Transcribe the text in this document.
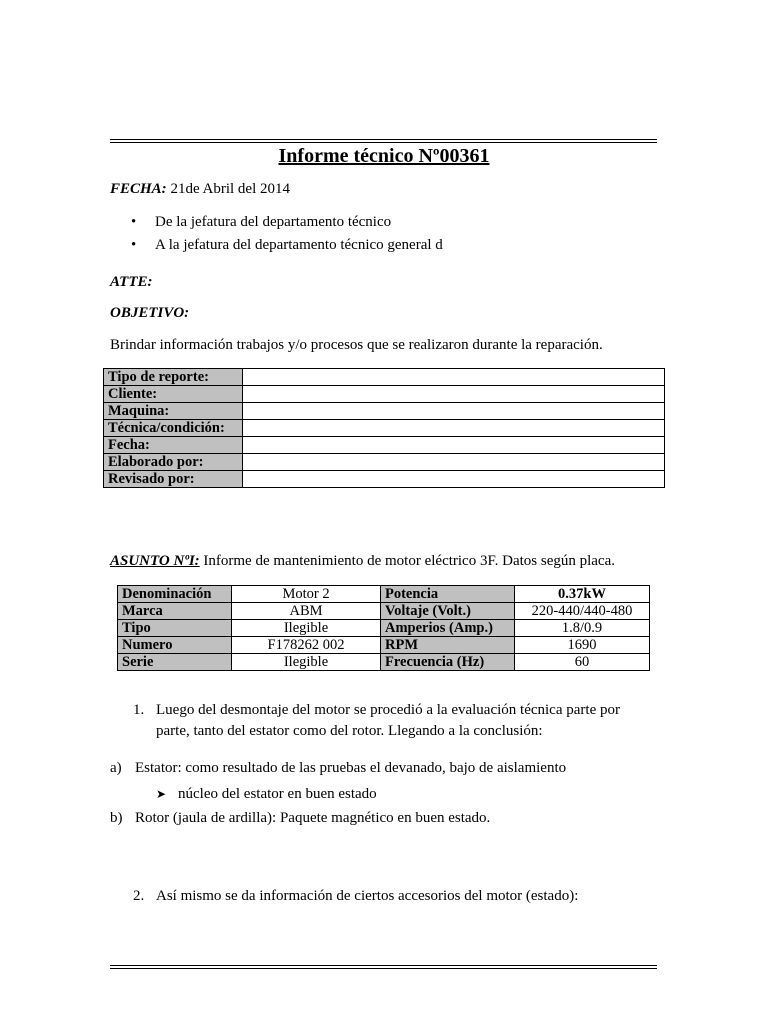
Informe técnico Nº00361
FECHA: 21de Abril del 2014
• De la jefatura del departamento técnico
• A la jefatura del departamento técnico general d
ATTE:
OBJETIVO:
Brindar información trabajos y/o procesos que se realizaron durante la reparación.
Tipo de reporte:	
Cliente:	
Maquina:	
Técnica/condición:	
Fecha:	
Elaborado por:	
Revisado por:	
ASUNTO NºI: Informe de mantenimiento de motor eléctrico 3F. Datos según placa.
Denominación	Motor 2	Potencia	0.37kW
Marca	ABM	Voltaje (Volt.)	220-440/440-480
Tipo	Ilegible	Amperios (Amp.)	1.8/0.9
Numero	F178262 002	RPM	1690
Serie	Ilegible	Frecuencia (Hz)	60
1. Luego del desmontaje del motor se procedió a la evaluación técnica parte por
parte, tanto del estator como del rotor. Llegando a la conclusión:
a) Estator: como resultado de las pruebas el devanado, bajo de aislamiento
➤ núcleo del estator en buen estado
b) Rotor (jaula de ardilla): Paquete magnético en buen estado.
2. Así mismo se da información de ciertos accesorios del motor (estado):
